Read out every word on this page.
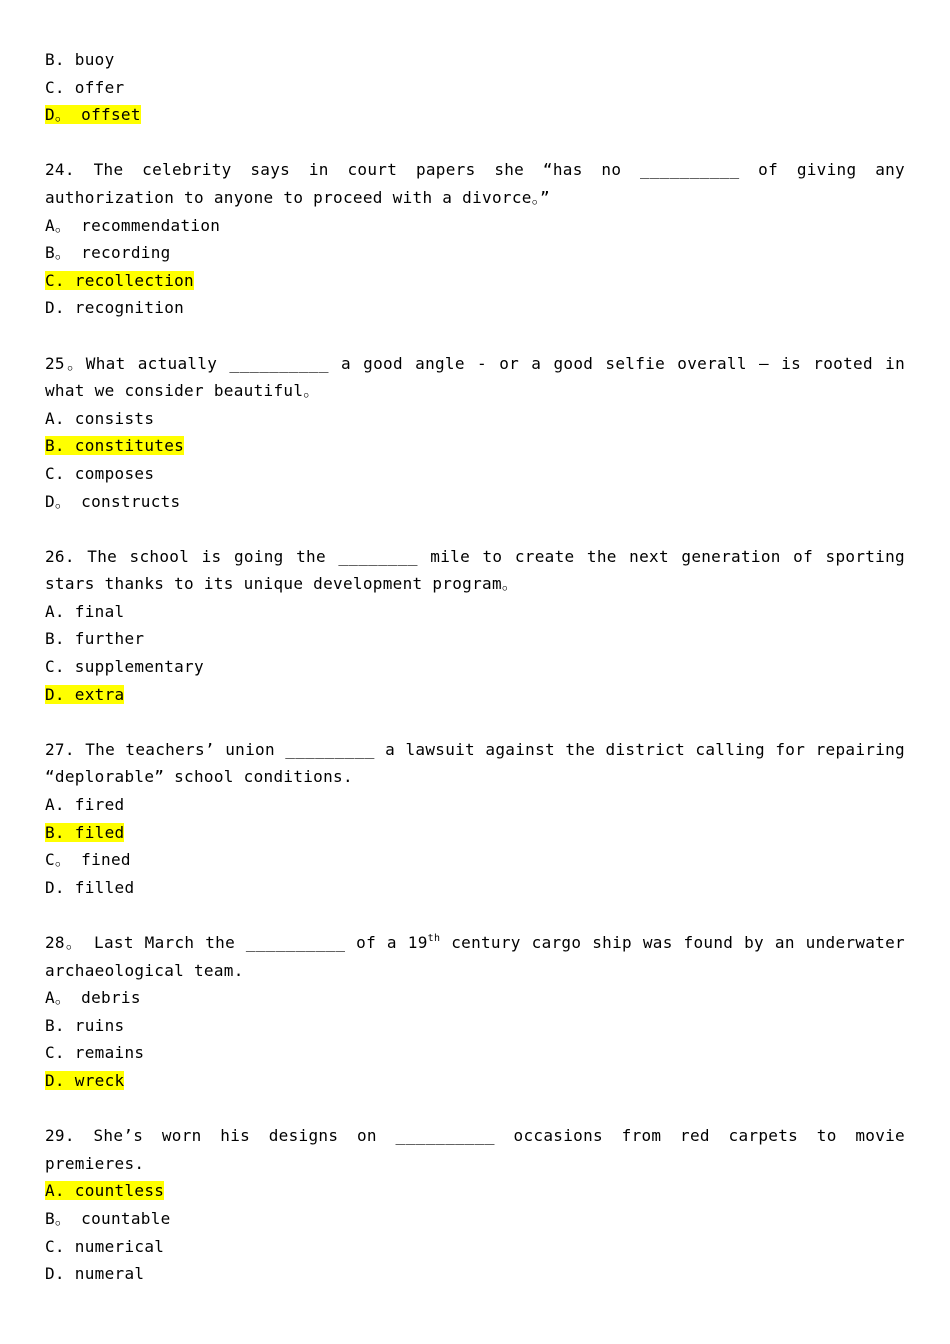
B. buoy
C. offer
D。 offset
24. The celebrity says in court papers she “has no __________ of giving any authorization to anyone to proceed with a divorce。”
A。 recommendation
B。 recording
C. recollection
D. recognition
25。What actually __________ a good angle - or a good selfie overall — is rooted in what we consider beautiful。
A. consists
B. constitutes
C. composes
D。 constructs
26. The school is going the ________ mile to create the next generation of sporting stars thanks to its unique development program。
A. final
B. further
C. supplementary
D. extra
27. The teachers’ union _________ a lawsuit against the district calling for repairing “deplorable” school conditions.
A. fired
B. filed
C。 fined
D. filled
28。 Last March the __________ of a 19th century cargo ship was found by an underwater archaeological team.
A。 debris
B. ruins
C. remains
D. wreck
29. She’s worn his designs on __________ occasions from red carpets to movie premieres.
A. countless
B。 countable
C. numerical
D. numeral
